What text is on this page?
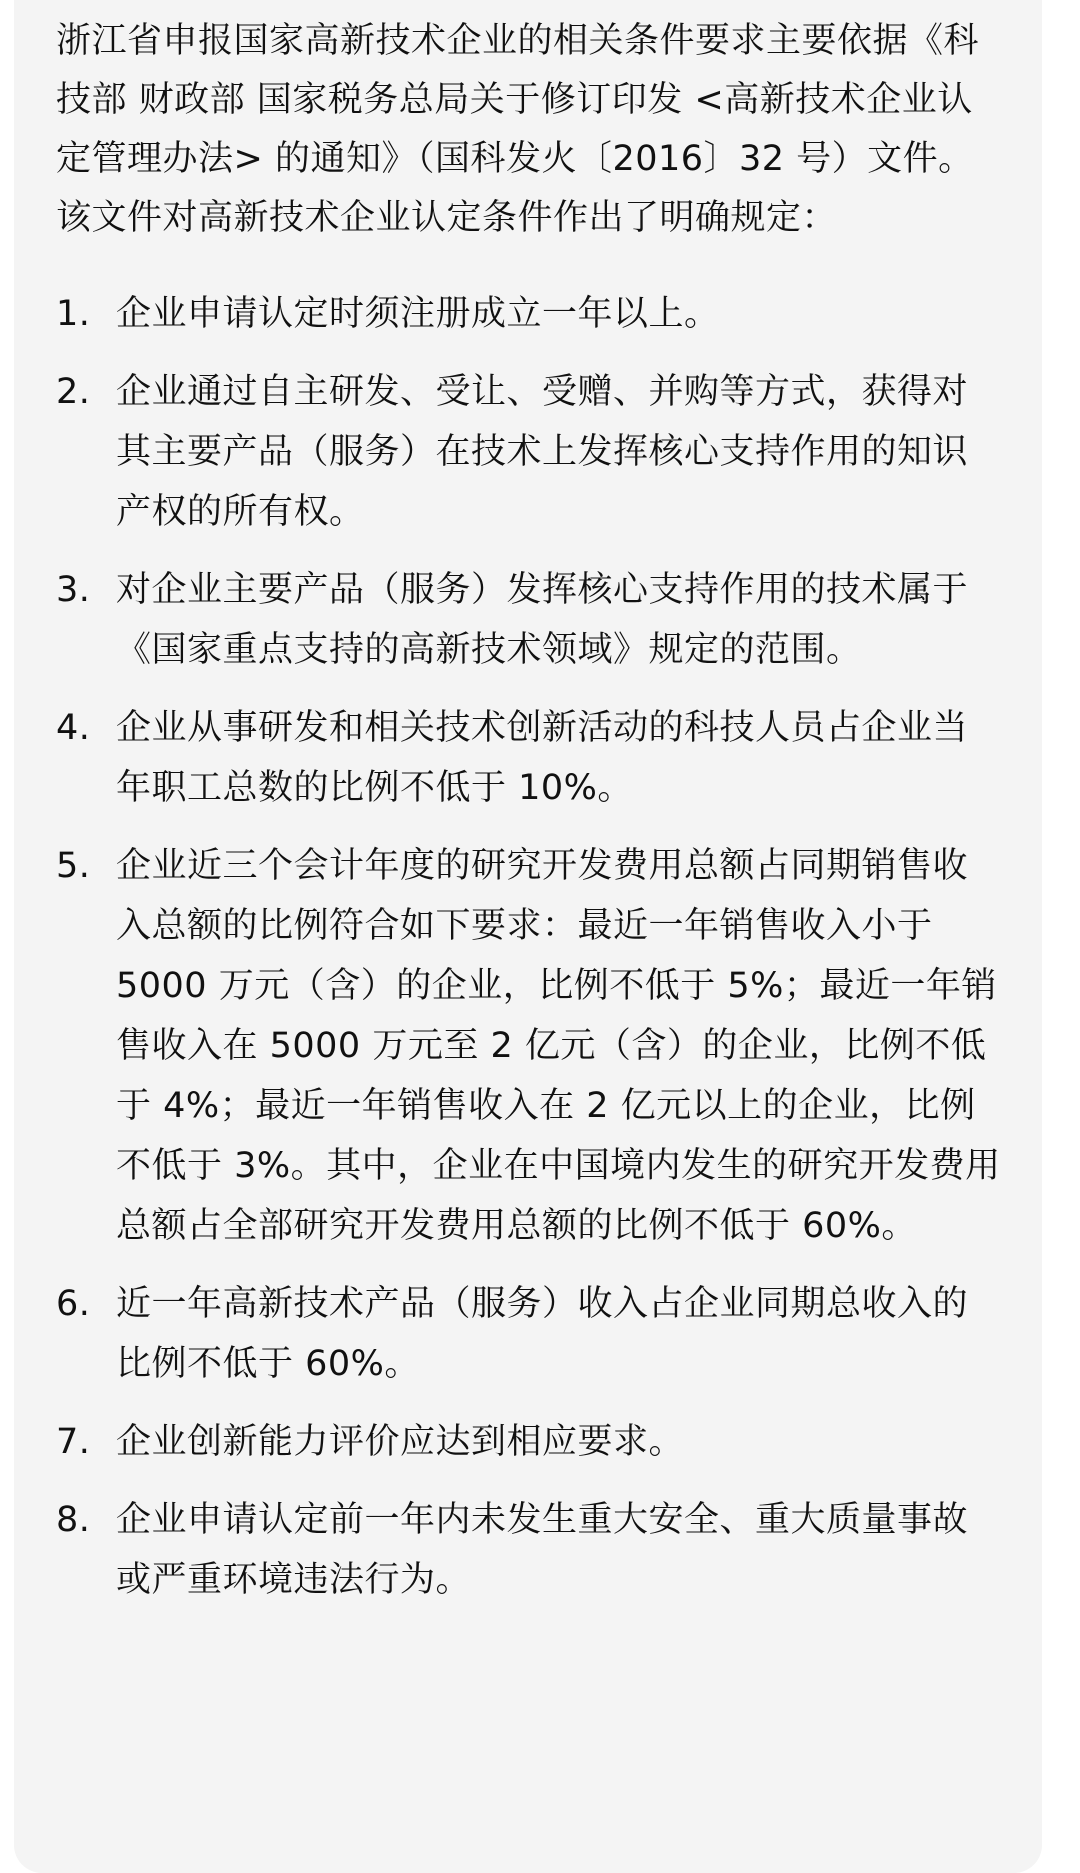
浙江省申报国家高新技术企业的相关条件要求主要依据《科技部 财政部 国家税务总局关于修订印发 <高新技术企业认定管理办法> 的通知》（国科发火〔2016〕32 号）文件。该文件对高新技术企业认定条件作出了明确规定：

1. 企业申请认定时须注册成立一年以上。
2. 企业通过自主研发、受让、受赠、并购等方式，获得对其主要产品（服务）在技术上发挥核心支持作用的知识产权的所有权。
3. 对企业主要产品（服务）发挥核心支持作用的技术属于《国家重点支持的高新技术领域》规定的范围。
4. 企业从事研发和相关技术创新活动的科技人员占企业当年职工总数的比例不低于 10%。
5. 企业近三个会计年度的研究开发费用总额占同期销售收入总额的比例符合如下要求：最近一年销售收入小于 5000 万元（含）的企业，比例不低于 5%；最近一年销售收入在 5000 万元至 2 亿元（含）的企业，比例不低于 4%；最近一年销售收入在 2 亿元以上的企业，比例不低于 3%。其中，企业在中国境内发生的研究开发费用总额占全部研究开发费用总额的比例不低于 60%。
6. 近一年高新技术产品（服务）收入占企业同期总收入的比例不低于 60%。
7. 企业创新能力评价应达到相应要求。
8. 企业申请认定前一年内未发生重大安全、重大质量事故或严重环境违法行为。
